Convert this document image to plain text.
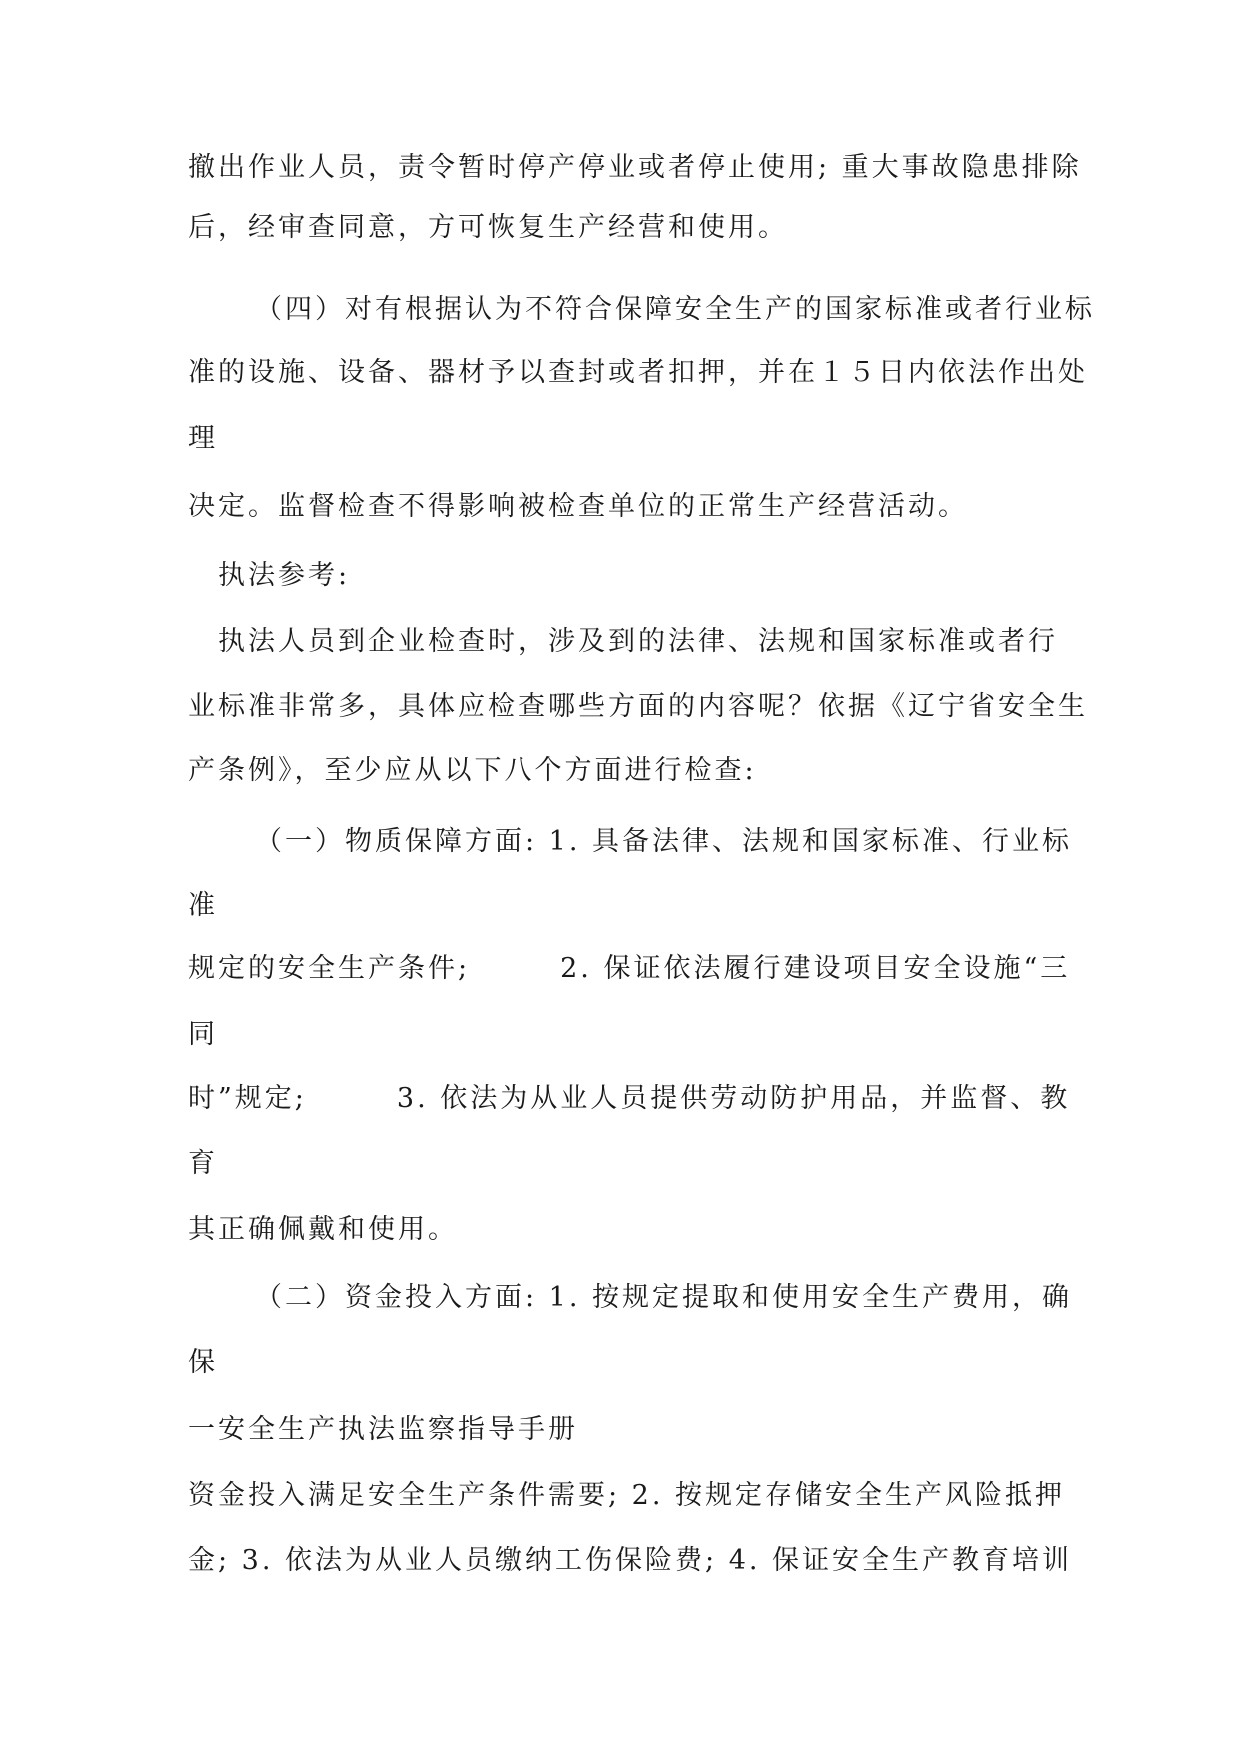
撤出作业人员，责令暂时停产停业或者停止使用; 重大事故隐患排除
后，经审查同意，方可恢复生产经营和使用。
（四）对有根据认为不符合保障安全生产的国家标准或者行业标
准的设施、设备、器材予以查封或者扣押，并在１５日内依法作出处
理
决定。监督检查不得影响被检查单位的正常生产经营活动。
执法参考:
执法人员到企业检查时，涉及到的法律、法规和国家标准或者行
业标准非常多，具体应检查哪些方面的内容呢？依据《辽宁省安全生
产条例》，至少应从以下八个方面进行检查:
（一）物质保障方面: 1. 具备法律、法规和国家标准、行业标
准
规定的安全生产条件;　　　2. 保证依法履行建设项目安全设施“三
同
时”规定;　　　3. 依法为从业人员提供劳动防护用品，并监督、教
育
其正确佩戴和使用。
（二）资金投入方面: 1. 按规定提取和使用安全生产费用，确
保
一安全生产执法监察指导手册
资金投入满足安全生产条件需要; 2. 按规定存储安全生产风险抵押
金; 3. 依法为从业人员缴纳工伤保险费; 4. 保证安全生产教育培训
